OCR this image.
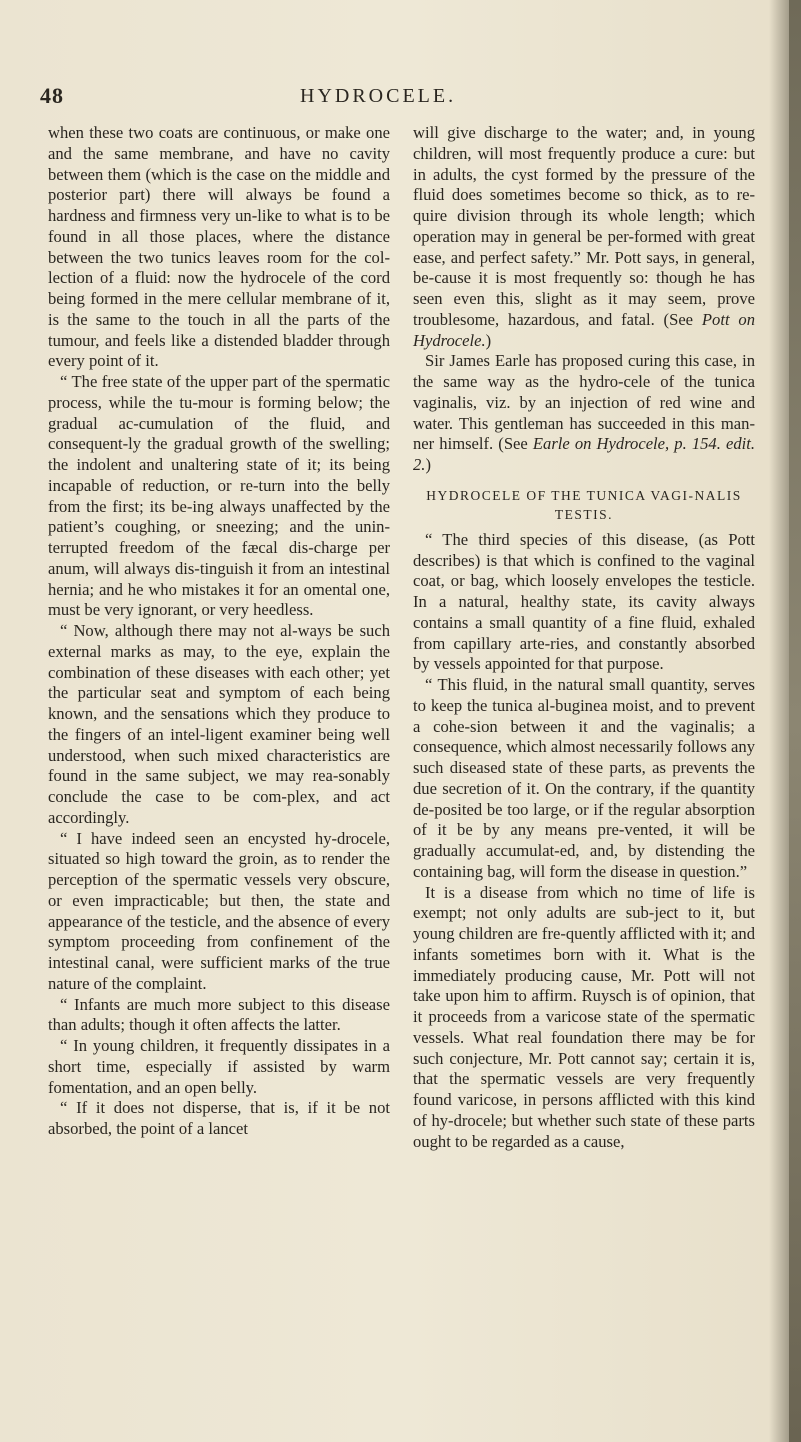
48	HYDROCELE.

when these two coats are continuous, or make one and the same membrane, and have no cavity between them (which is the case on the middle and posterior part) there will always be found a hardness and firmness very un-like to what is to be found in all those places, where the distance between the two tunics leaves room for the col-lection of a fluid: now the hydrocele of the cord being formed in the mere cellular membrane of it, is the same to the touch in all the parts of the tumour, and feels like a distended bladder through every point of it.

“ The free state of the upper part of the spermatic process, while the tu-mour is forming below; the gradual ac-cumulation of the fluid, and consequent-ly the gradual growth of the swelling; the indolent and unaltering state of it; its being incapable of reduction, or re-turn into the belly from the first; its be-ing always unaffected by the patient’s coughing, or sneezing; and the unin-terrupted freedom of the fæcal dis-charge per anum, will always dis-tinguish it from an intestinal hernia; and he who mistakes it for an omental one, must be very ignorant, or very heedless.

“ Now, although there may not al-ways be such external marks as may, to the eye, explain the combination of these diseases with each other; yet the particular seat and symptom of each being known, and the sensations which they produce to the fingers of an intel-ligent examiner being well understood, when such mixed characteristics are found in the same subject, we may rea-sonably conclude the case to be com-plex, and act accordingly.

“ I have indeed seen an encysted hy-drocele, situated so high toward the groin, as to render the perception of the spermatic vessels very obscure, or even impracticable; but then, the state and appearance of the testicle, and the absence of every symptom proceeding from confinement of the intestinal canal, were sufficient marks of the true nature of the complaint.

“ Infants are much more subject to this disease than adults; though it often affects the latter.

“ In young children, it frequently dissipates in a short time, especially if assisted by warm fomentation, and an open belly.

“ If it does not disperse, that is, if it be not absorbed, the point of a lancet

will give discharge to the water; and, in young children, will most frequently produce a cure: but in adults, the cyst formed by the pressure of the fluid does sometimes become so thick, as to re-quire division through its whole length; which operation may in general be per-formed with great ease, and perfect safety.” Mr. Pott says, in general, be-cause it is most frequently so: though he has seen even this, slight as it may seem, prove troublesome, hazardous, and fatal. (See Pott on Hydrocele.)

Sir James Earle has proposed curing this case, in the same way as the hydro-cele of the tunica vaginalis, viz. by an injection of red wine and water. This gentleman has succeeded in this man-ner himself. (See Earle on Hydrocele, p. 154. edit. 2.)

HYDROCELE OF THE TUNICA VAGI-NALIS TESTIS.

“ The third species of this disease, (as Pott describes) is that which is confined to the vaginal coat, or bag, which loosely envelopes the testicle. In a natural, healthy state, its cavity always contains a small quantity of a fine fluid, exhaled from capillary arte-ries, and constantly absorbed by vessels appointed for that purpose.

“ This fluid, in the natural small quantity, serves to keep the tunica al-buginea moist, and to prevent a cohe-sion between it and the vaginalis; a consequence, which almost necessarily follows any such diseased state of these parts, as prevents the due secretion of it. On the contrary, if the quantity de-posited be too large, or if the regular absorption of it be by any means pre-vented, it will be gradually accumulat-ed, and, by distending the containing bag, will form the disease in question.”

It is a disease from which no time of life is exempt; not only adults are sub-ject to it, but young children are fre-quently afflicted with it; and infants sometimes born with it. What is the immediately producing cause, Mr. Pott will not take upon him to affirm. Ruysch is of opinion, that it proceeds from a varicose state of the spermatic vessels. What real foundation there may be for such conjecture, Mr. Pott cannot say; certain it is, that the spermatic vessels are very frequently found varicose, in persons afflicted with this kind of hy-drocele; but whether such state of these parts ought to be regarded as a cause,
